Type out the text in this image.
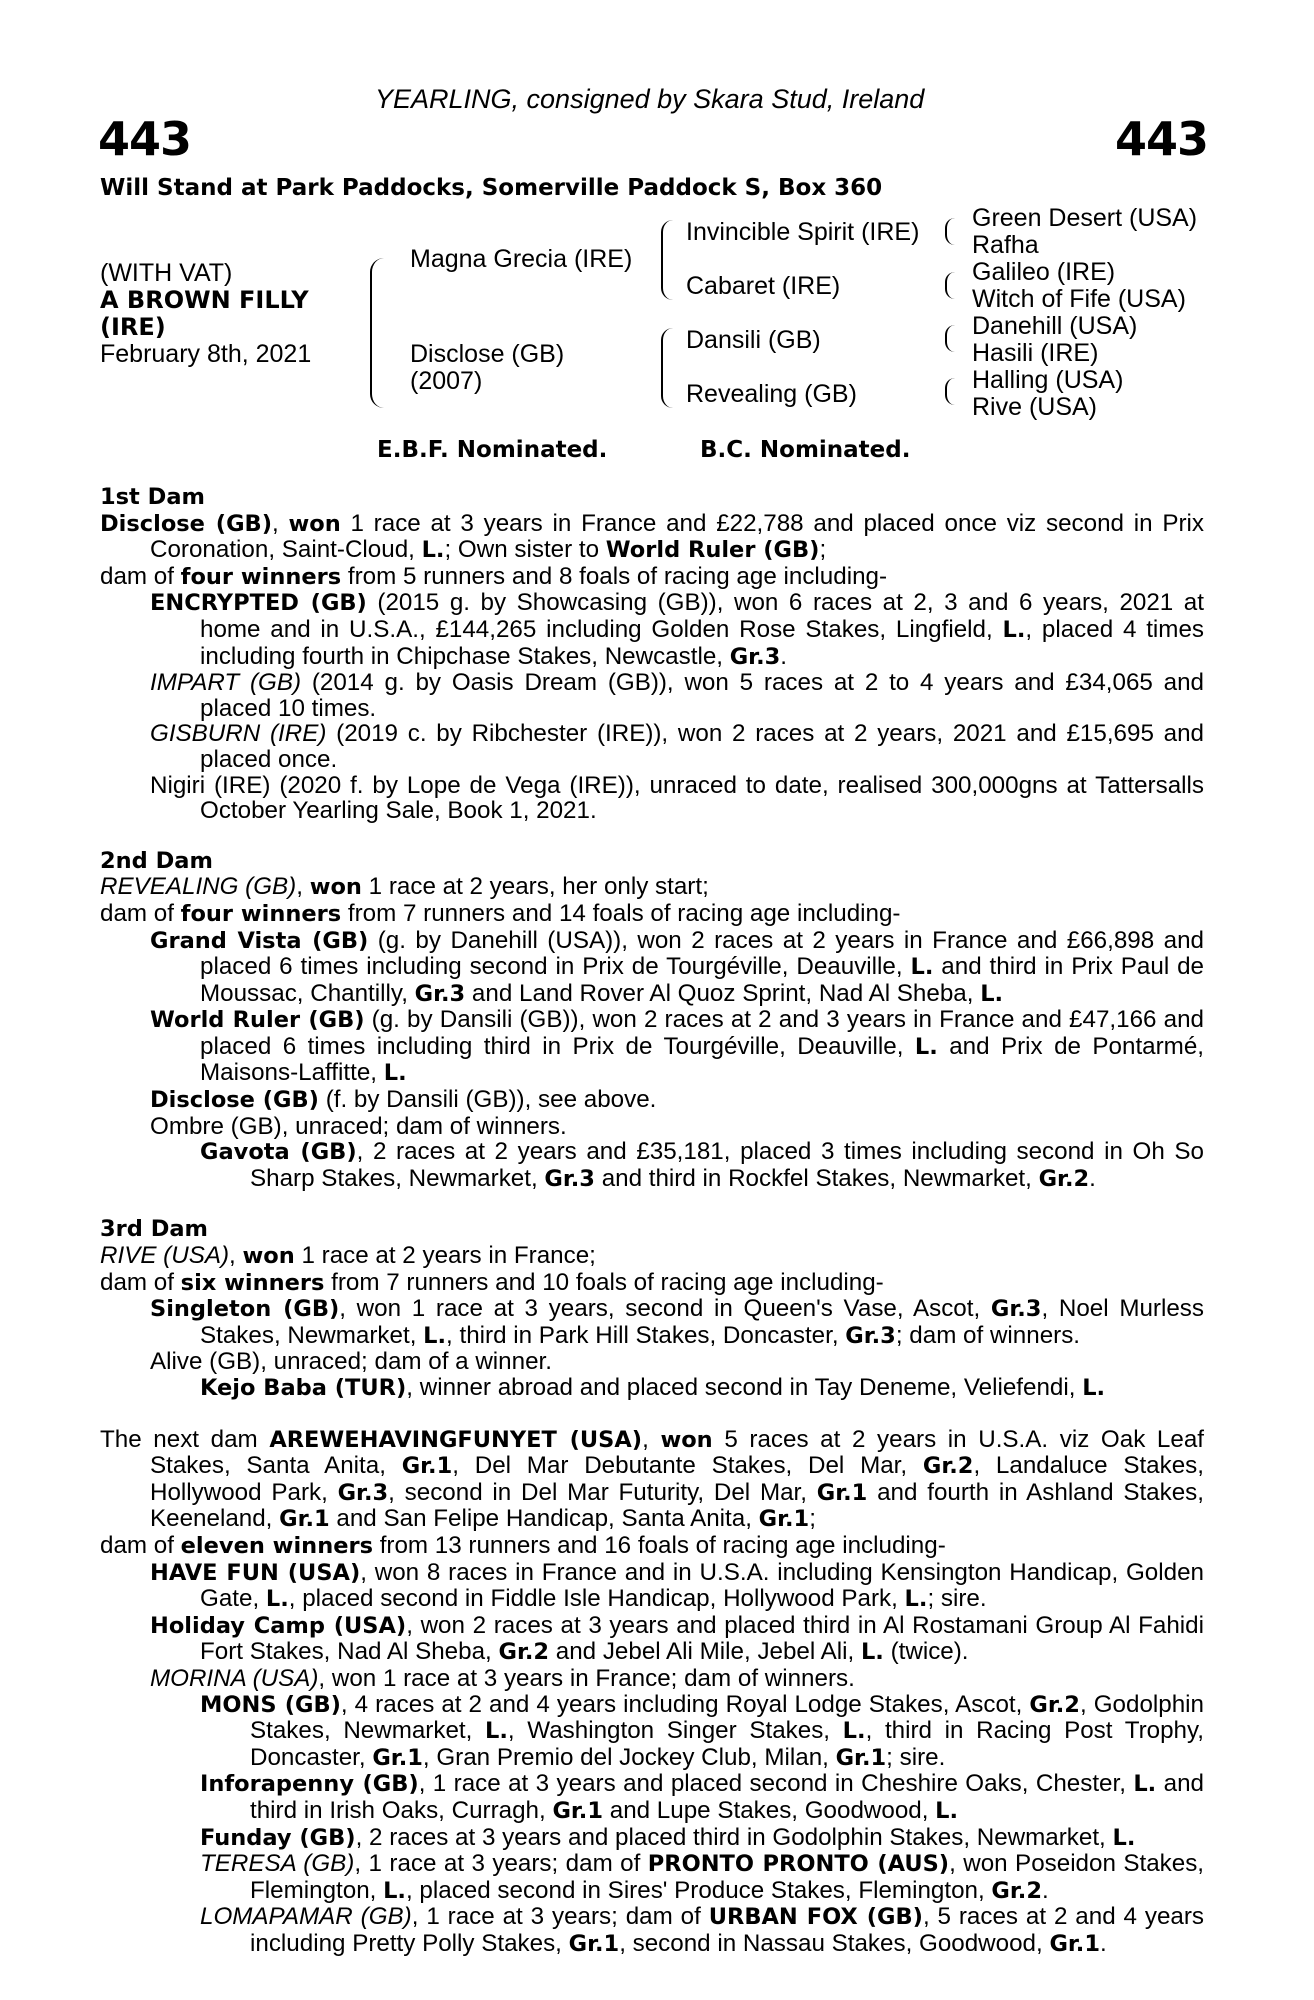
YEARLING, consigned by Skara Stud, Ireland
443	443
Will Stand at Park Paddocks, Somerville Paddock S, Box 360
(WITH VAT)
A BROWN FILLY
(IRE)
February 8th, 2021
Magna Grecia (IRE)
Disclose (GB)
(2007)
Invincible Spirit (IRE)
Cabaret (IRE)
Dansili (GB)
Revealing (GB)
Green Desert (USA)
Rafha
Galileo (IRE)
Witch of Fife (USA)
Danehill (USA)
Hasili (IRE)
Halling (USA)
Rive (USA)
E.B.F. Nominated.	B.C. Nominated.

1st Dam

Disclose (GB), won 1 race at 3 years in France and £22,788 and placed once viz second in Prix Coronation, Saint-Cloud, L.; Own sister to World Ruler (GB);

dam of four winners from 5 runners and 8 foals of racing age including-

ENCRYPTED (GB) (2015 g. by Showcasing (GB)), won 6 races at 2, 3 and 6 years, 2021 at home and in U.S.A., £144,265 including Golden Rose Stakes, Lingfield, L., placed 4 times including fourth in Chipchase Stakes, Newcastle, Gr.3.

IMPART (GB) (2014 g. by Oasis Dream (GB)), won 5 races at 2 to 4 years and £34,065 and placed 10 times.

GISBURN (IRE) (2019 c. by Ribchester (IRE)), won 2 races at 2 years, 2021 and £15,695 and placed once.

Nigiri (IRE) (2020 f. by Lope de Vega (IRE)), unraced to date, realised 300,000gns at Tattersalls October Yearling Sale, Book 1, 2021.

2nd Dam

REVEALING (GB), won 1 race at 2 years, her only start;

dam of four winners from 7 runners and 14 foals of racing age including-

Grand Vista (GB) (g. by Danehill (USA)), won 2 races at 2 years in France and £66,898 and placed 6 times including second in Prix de Tourgéville, Deauville, L. and third in Prix Paul de Moussac, Chantilly, Gr.3 and Land Rover Al Quoz Sprint, Nad Al Sheba, L.

World Ruler (GB) (g. by Dansili (GB)), won 2 races at 2 and 3 years in France and £47,166 and placed 6 times including third in Prix de Tourgéville, Deauville, L. and Prix de Pontarmé, Maisons-Laffitte, L.

Disclose (GB) (f. by Dansili (GB)), see above.

Ombre (GB), unraced; dam of winners.

Gavota (GB), 2 races at 2 years and £35,181, placed 3 times including second in Oh So Sharp Stakes, Newmarket, Gr.3 and third in Rockfel Stakes, Newmarket, Gr.2.

3rd Dam

RIVE (USA), won 1 race at 2 years in France;

dam of six winners from 7 runners and 10 foals of racing age including-

Singleton (GB), won 1 race at 3 years, second in Queen's Vase, Ascot, Gr.3, Noel Murless Stakes, Newmarket, L., third in Park Hill Stakes, Doncaster, Gr.3; dam of winners.

Alive (GB), unraced; dam of a winner.

Kejo Baba (TUR), winner abroad and placed second in Tay Deneme, Veliefendi, L.

The next dam AREWEHAVINGFUNYET (USA), won 5 races at 2 years in U.S.A. viz Oak Leaf Stakes, Santa Anita, Gr.1, Del Mar Debutante Stakes, Del Mar, Gr.2, Landaluce Stakes, Hollywood Park, Gr.3, second in Del Mar Futurity, Del Mar, Gr.1 and fourth in Ashland Stakes, Keeneland, Gr.1 and San Felipe Handicap, Santa Anita, Gr.1;

dam of eleven winners from 13 runners and 16 foals of racing age including-

HAVE FUN (USA), won 8 races in France and in U.S.A. including Kensington Handicap, Golden Gate, L., placed second in Fiddle Isle Handicap, Hollywood Park, L.; sire.

Holiday Camp (USA), won 2 races at 3 years and placed third in Al Rostamani Group Al Fahidi Fort Stakes, Nad Al Sheba, Gr.2 and Jebel Ali Mile, Jebel Ali, L. (twice).

MORINA (USA), won 1 race at 3 years in France; dam of winners.

MONS (GB), 4 races at 2 and 4 years including Royal Lodge Stakes, Ascot, Gr.2, Godolphin Stakes, Newmarket, L., Washington Singer Stakes, L., third in Racing Post Trophy, Doncaster, Gr.1, Gran Premio del Jockey Club, Milan, Gr.1; sire.

Inforapenny (GB), 1 race at 3 years and placed second in Cheshire Oaks, Chester, L. and third in Irish Oaks, Curragh, Gr.1 and Lupe Stakes, Goodwood, L.

Funday (GB), 2 races at 3 years and placed third in Godolphin Stakes, Newmarket, L.

TERESA (GB), 1 race at 3 years; dam of PRONTO PRONTO (AUS), won Poseidon Stakes, Flemington, L., placed second in Sires' Produce Stakes, Flemington, Gr.2.

LOMAPAMAR (GB), 1 race at 3 years; dam of URBAN FOX (GB), 5 races at 2 and 4 years including Pretty Polly Stakes, Gr.1, second in Nassau Stakes, Goodwood, Gr.1.
